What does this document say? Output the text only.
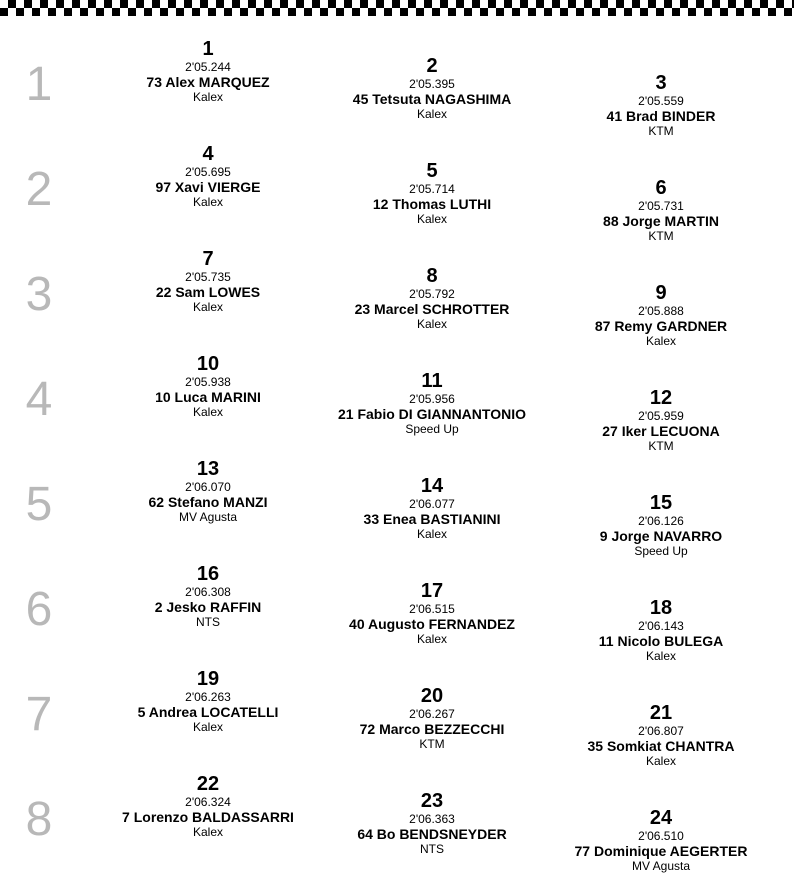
1
2
3
4
5
6
7
8
1
2'05.244
73 Alex MARQUEZ
Kalex
2
2'05.395
45 Tetsuta NAGASHIMA
Kalex
3
2'05.559
41 Brad BINDER
KTM
4
2'05.695
97 Xavi VIERGE
Kalex
5
2'05.714
12 Thomas LUTHI
Kalex
6
2'05.731
88 Jorge MARTIN
KTM
7
2'05.735
22 Sam LOWES
Kalex
8
2'05.792
23 Marcel SCHROTTER
Kalex
9
2'05.888
87 Remy GARDNER
Kalex
10
2'05.938
10 Luca MARINI
Kalex
11
2'05.956
21 Fabio DI GIANNANTONIO
Speed Up
12
2'05.959
27 Iker LECUONA
KTM
13
2'06.070
62 Stefano MANZI
MV Agusta
14
2'06.077
33 Enea BASTIANINI
Kalex
15
2'06.126
9 Jorge NAVARRO
Speed Up
16
2'06.308
2 Jesko RAFFIN
NTS
17
2'06.515
40 Augusto FERNANDEZ
Kalex
18
2'06.143
11 Nicolo BULEGA
Kalex
19
2'06.263
5 Andrea LOCATELLI
Kalex
20
2'06.267
72 Marco BEZZECCHI
KTM
21
2'06.807
35 Somkiat CHANTRA
Kalex
22
2'06.324
7 Lorenzo BALDASSARRI
Kalex
23
2'06.363
64 Bo BENDSNEYDER
NTS
24
2'06.510
77 Dominique AEGERTER
MV Agusta
